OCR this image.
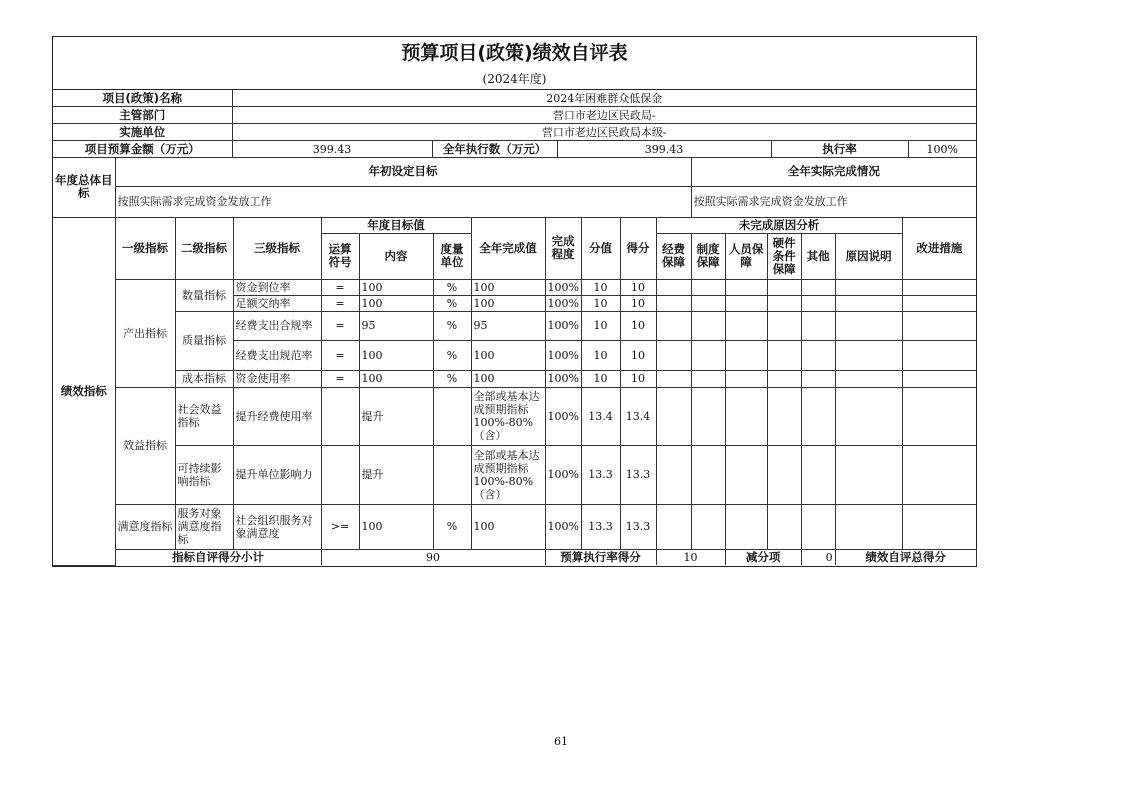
预算项目(政策)绩效自评表
(2024年度)
项目(政策)名称	2024年困难群众低保金				
主管部门	营口市老边区民政局-				
实施单位	营口市老边区民政局本级-				
项目预算金额（万元）	399.43	全年执行数（万元）	399.43	执行率	100%
年度总体目标	年初设定目标											全年实际完成情况						
	按照实际需求完成资金发放工作											按照实际需求完成资金发放工作						
绩效指标	一级指标	二级指标	三级指标	年度目标值			全年完成值	完成程度	分值	得分	未完成原因分析						改进措施	
				运算符号	内容	度量单位					经费保障	制度保障	人员保障	硬件条件保障	其他	原因说明		
	产出指标	数量指标	资金到位率	=	100	%	100	100%	10	10								
			足额交纳率	=	100	%	100	100%	10	10								
		质量指标	经费支出合规率	=	95	%	95	100%	10	10								
			经费支出规范率	=	100	%	100	100%	10	10								
		成本指标	资金使用率	=	100	%	100	100%	10	10								
	效益指标	社会效益指标	提升经费使用率		提升		全部或基本达成预期指标100%-80%（含）	100%	13.4	13.4								
		可持续影响指标	提升单位影响力		提升		全部或基本达成预期指标100%-80%（含）	100%	13.3	13.3								
	满意度指标	服务对象满意度指标	社会组织服务对象满意度	>=	100	%	100	100%	13.3	13.3								
	指标自评得分小计			90				预算执行率得分			10		减分项		0	绩效自评总得分	
61
